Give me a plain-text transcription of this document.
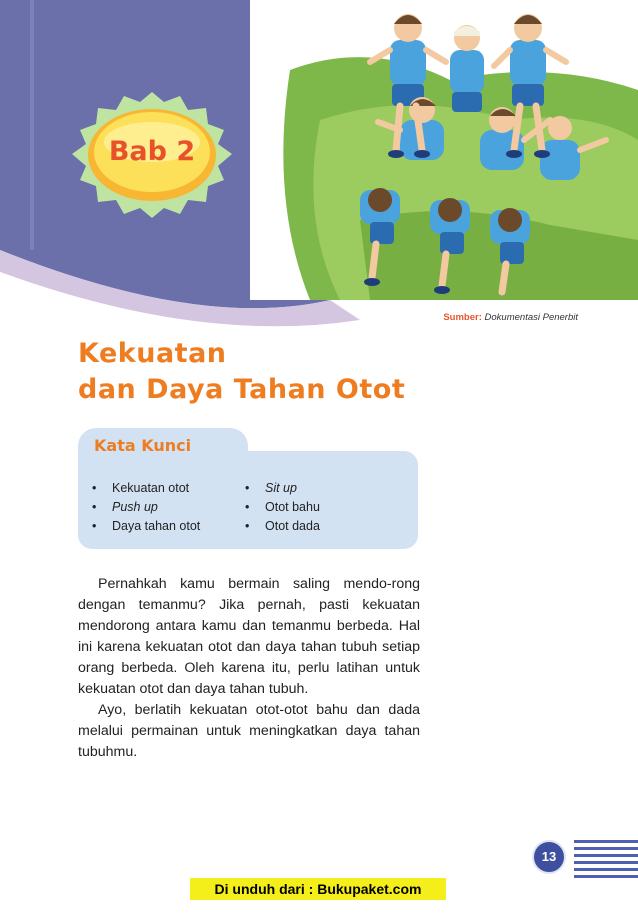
Bab 2
Sumber: Dokumentasi Penerbit
Kekuatan
dan Daya Tahan Otot
Kata Kunci
• Kekuatan otot
• Push up
• Daya tahan otot
• Sit up
• Otot bahu
• Otot dada

Pernahkah kamu bermain saling mendo-rong dengan temanmu? Jika pernah, pasti kekuatan mendorong antara kamu dan temanmu berbeda. Hal ini karena kekuatan otot dan daya tahan tubuh setiap orang berbeda. Oleh karena itu, perlu latihan untuk kekuatan otot dan daya tahan tubuh.

Ayo, berlatih kekuatan otot-otot bahu dan dada melalui permainan untuk meningkatkan daya tahan tubuhmu.

13
Di unduh dari : Bukupaket.com
